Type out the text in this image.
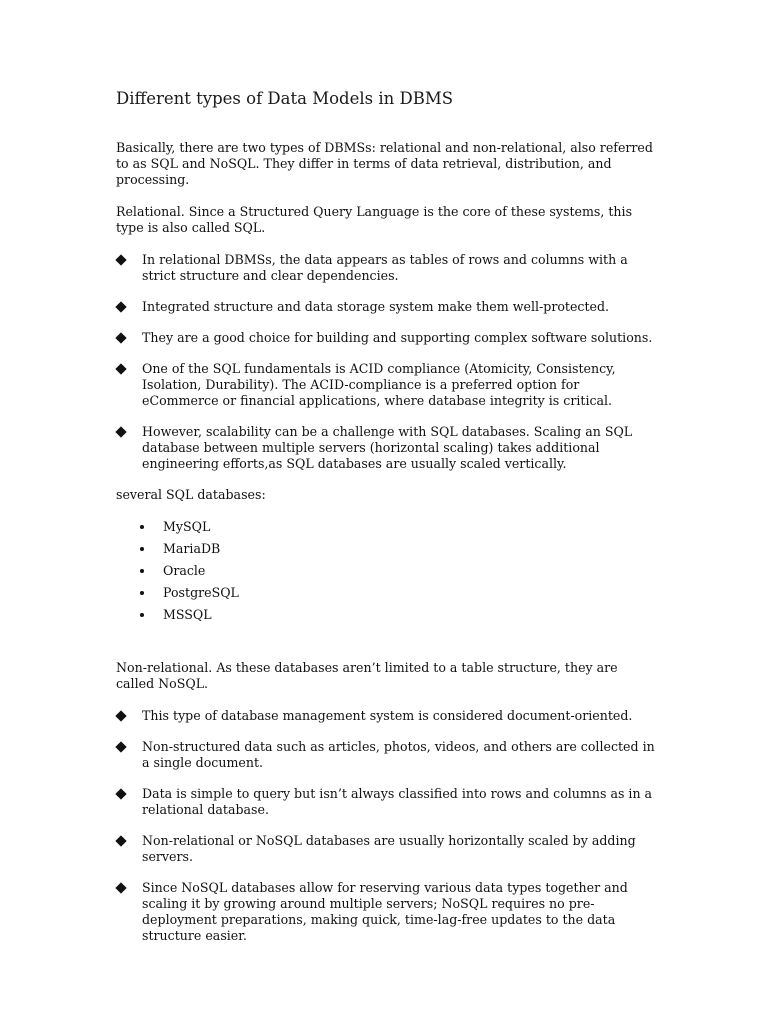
Different types of Data Models in DBMS

Basically, there are two types of DBMSs: relational and non-relational, also referred to as SQL and NoSQL. They differ in terms of data retrieval, distribution, and processing.

Relational. Since a Structured Query Language is the core of these systems, this type is also called SQL.

In relational DBMSs, the data appears as tables of rows and columns with a strict structure and clear dependencies.
Integrated structure and data storage system make them well-protected.
They are a good choice for building and supporting complex software solutions.
One of the SQL fundamentals is ACID compliance (Atomicity, Consistency, Isolation, Durability). The ACID-compliance is a preferred option for eCommerce or financial applications, where database integrity is critical.
However, scalability can be a challenge with SQL databases. Scaling an SQL database between multiple servers (horizontal scaling) takes additional engineering efforts,as SQL databases are usually scaled vertically.

several SQL databases:

MySQL
MariaDB
Oracle
PostgreSQL
MSSQL

Non-relational. As these databases aren’t limited to a table structure, they are called NoSQL.

This type of database management system is considered document-oriented.
Non-structured data such as articles, photos, videos, and others are collected in a single document.
Data is simple to query but isn’t always classified into rows and columns as in a relational database.
Non-relational or NoSQL databases are usually horizontally scaled by adding servers.
Since NoSQL databases allow for reserving various data types together and scaling it by growing around multiple servers; NoSQL requires no pre-deployment preparations, making quick, time-lag-free updates to the data structure easier.
